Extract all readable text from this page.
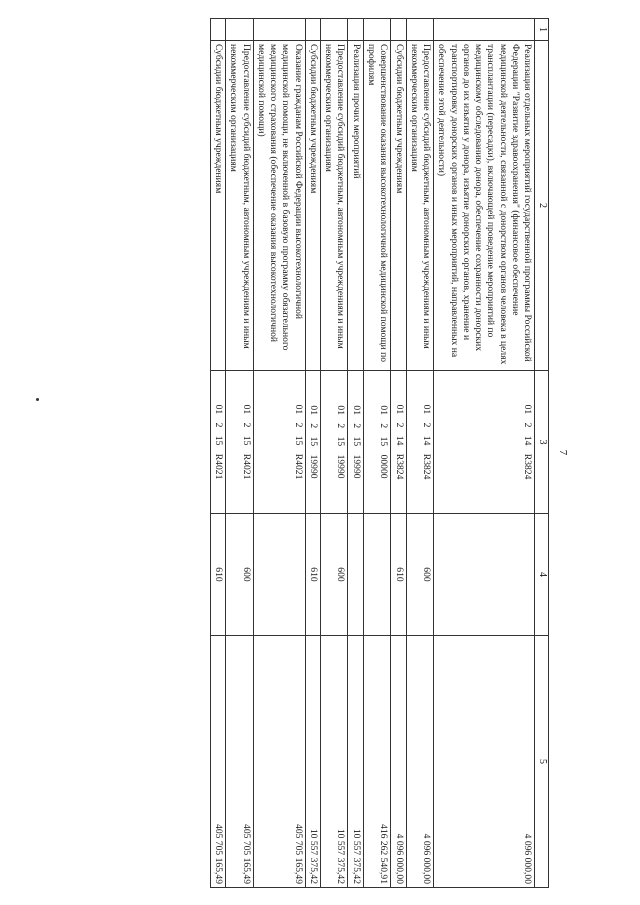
7
1	2	3	4	5
	Реализация отдельных мероприятий государственной программы Российской Федерации "Развитие здравоохранения" (финансовое обеспечение медицинской деятельности, связанной с донорством органов человека в целях трансплантации (пересадки), включающей проведение мероприятий по медицинскому обследованию донора, обеспечение сохранности донорских органов до их изъятия у донора, изъятие донорских органов, хранение и транспортировку донорских органов и иных мероприятий, направленных на обеспечение этой деятельности)	01 2 14 R3824		4 096 000,00
	Предоставление субсидий бюджетным, автономным учреждениям и иным некоммерческим организациям	01 2 14 R3824	600	4 096 000,00
	Субсидии бюджетным учреждениям	01 2 14 R3824	610	4 096 000,00
	Совершенствование оказания высокотехнологичной медицинской помощи по профилям	01 2 15 00000		416 262 540,91
	Реализация прочих мероприятий	01 2 15 19990		10 557 375,42
	Предоставление субсидий бюджетным, автономным учреждениям и иным некоммерческим организациям	01 2 15 19990	600	10 557 375,42
	Субсидии бюджетным учреждениям	01 2 15 19990	610	10 557 375,42
	Оказание гражданам Российской Федерации высокотехнологичной медицинской помощи, не включенной в базовую программу обязательного медицинского страхования (обеспечение оказания высокотехнологичной медицинской помощи)	01 2 15 R4021		405 705 165,49
	Предоставление субсидий бюджетным, автономным учреждениям и иным некоммерческим организациям	01 2 15 R4021	600	405 705 165,49
	Субсидии бюджетным учреждениям	01 2 15 R4021	610	405 705 165,49
